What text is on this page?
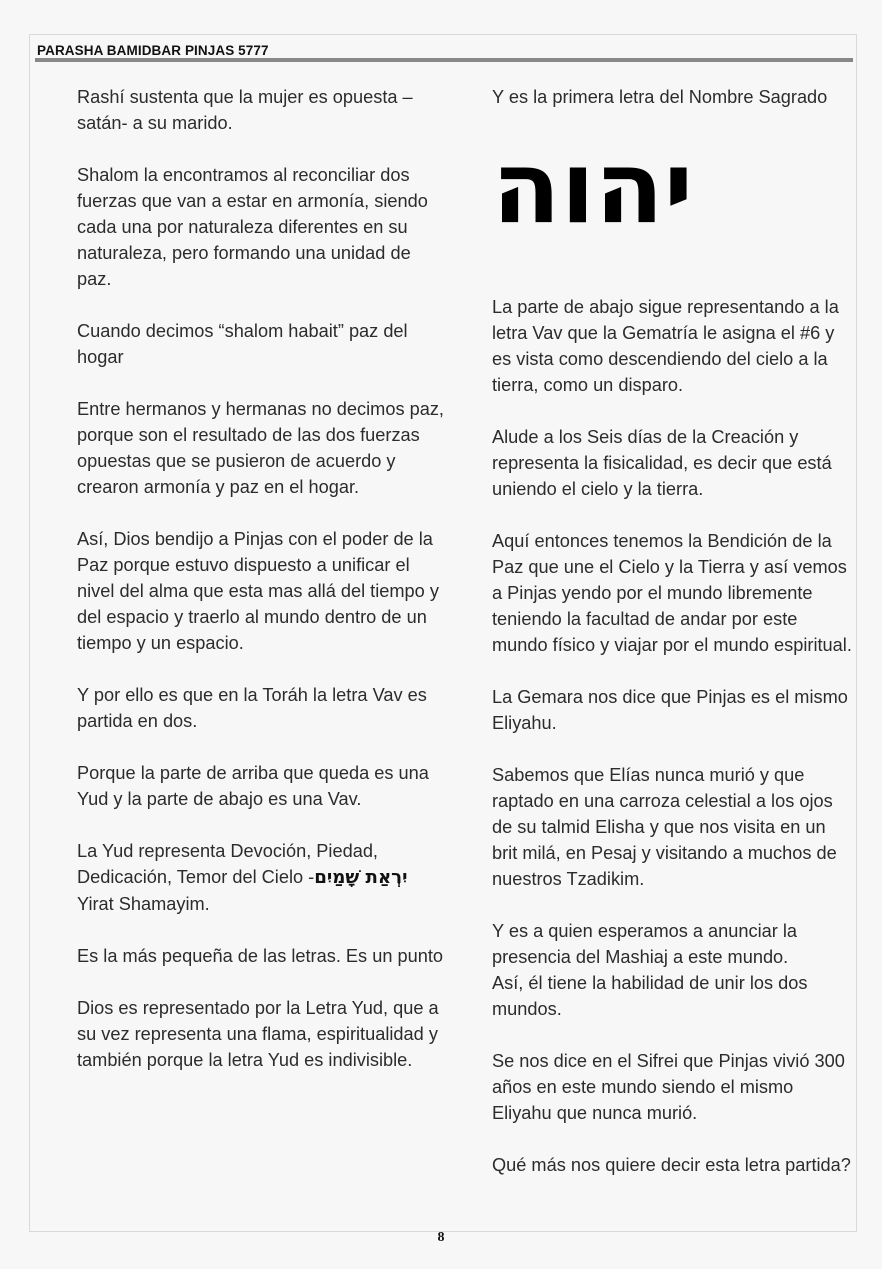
PARASHA BAMIDBAR PINJAS 5777

Rashí sustenta que la mujer es opuesta – satán- a su marido.

Shalom la encontramos al reconciliar dos fuerzas que van a estar en armonía, siendo cada una por naturaleza diferentes en su naturaleza, pero formando una unidad de paz.

Cuando decimos “shalom habait” paz del hogar

Entre hermanos y hermanas no decimos paz, porque son el resultado de las dos fuerzas opuestas que se pusieron de acuerdo y crearon armonía y paz en el hogar.

Así, Dios bendijo a Pinjas con el poder de la Paz porque estuvo dispuesto a unificar el nivel del alma que esta mas allá del tiempo y del espacio y traerlo al mundo dentro de un tiempo y un espacio.

Y por ello es que en la Toráh la letra Vav es partida en dos.

Porque la parte de arriba que queda es una Yud y la parte de abajo es una Vav.

La Yud representa Devoción, Piedad, Dedicación, Temor del Cielo -יִרְאַת שָׁמַיִם
Yirat Shamayim.

Es la más pequeña de las letras. Es un punto

Dios es representado por la Letra Yud, que a su vez representa una flama, espiritualidad y también porque la letra Yud es indivisible.

Y es la primera letra del Nombre Sagrado

יהוה

La parte de abajo sigue representando a la letra Vav que la Gematría le asigna el #6 y es vista como descendiendo del cielo a la tierra, como un disparo.

Alude a los Seis días de la Creación y representa la fisicalidad, es decir que está uniendo el cielo y la tierra.

Aquí entonces tenemos la Bendición de la Paz que une el Cielo y la Tierra y así vemos a Pinjas yendo por el mundo libremente teniendo la facultad de andar por este mundo físico y viajar por el mundo espiritual.

La Gemara nos dice que Pinjas es el mismo Eliyahu.

Sabemos que Elías nunca murió y que raptado en una carroza celestial a los ojos de su talmid Elisha y que nos visita en un brit milá, en Pesaj y visitando a muchos de nuestros Tzadikim.

Y es a quien esperamos a anunciar la presencia del Mashiaj a este mundo.
Así, él tiene la habilidad de unir los dos mundos.

Se nos dice en el Sifrei que Pinjas vivió 300 años en este mundo siendo el mismo Eliyahu que nunca murió.

Qué más nos quiere decir esta letra partida?

8
